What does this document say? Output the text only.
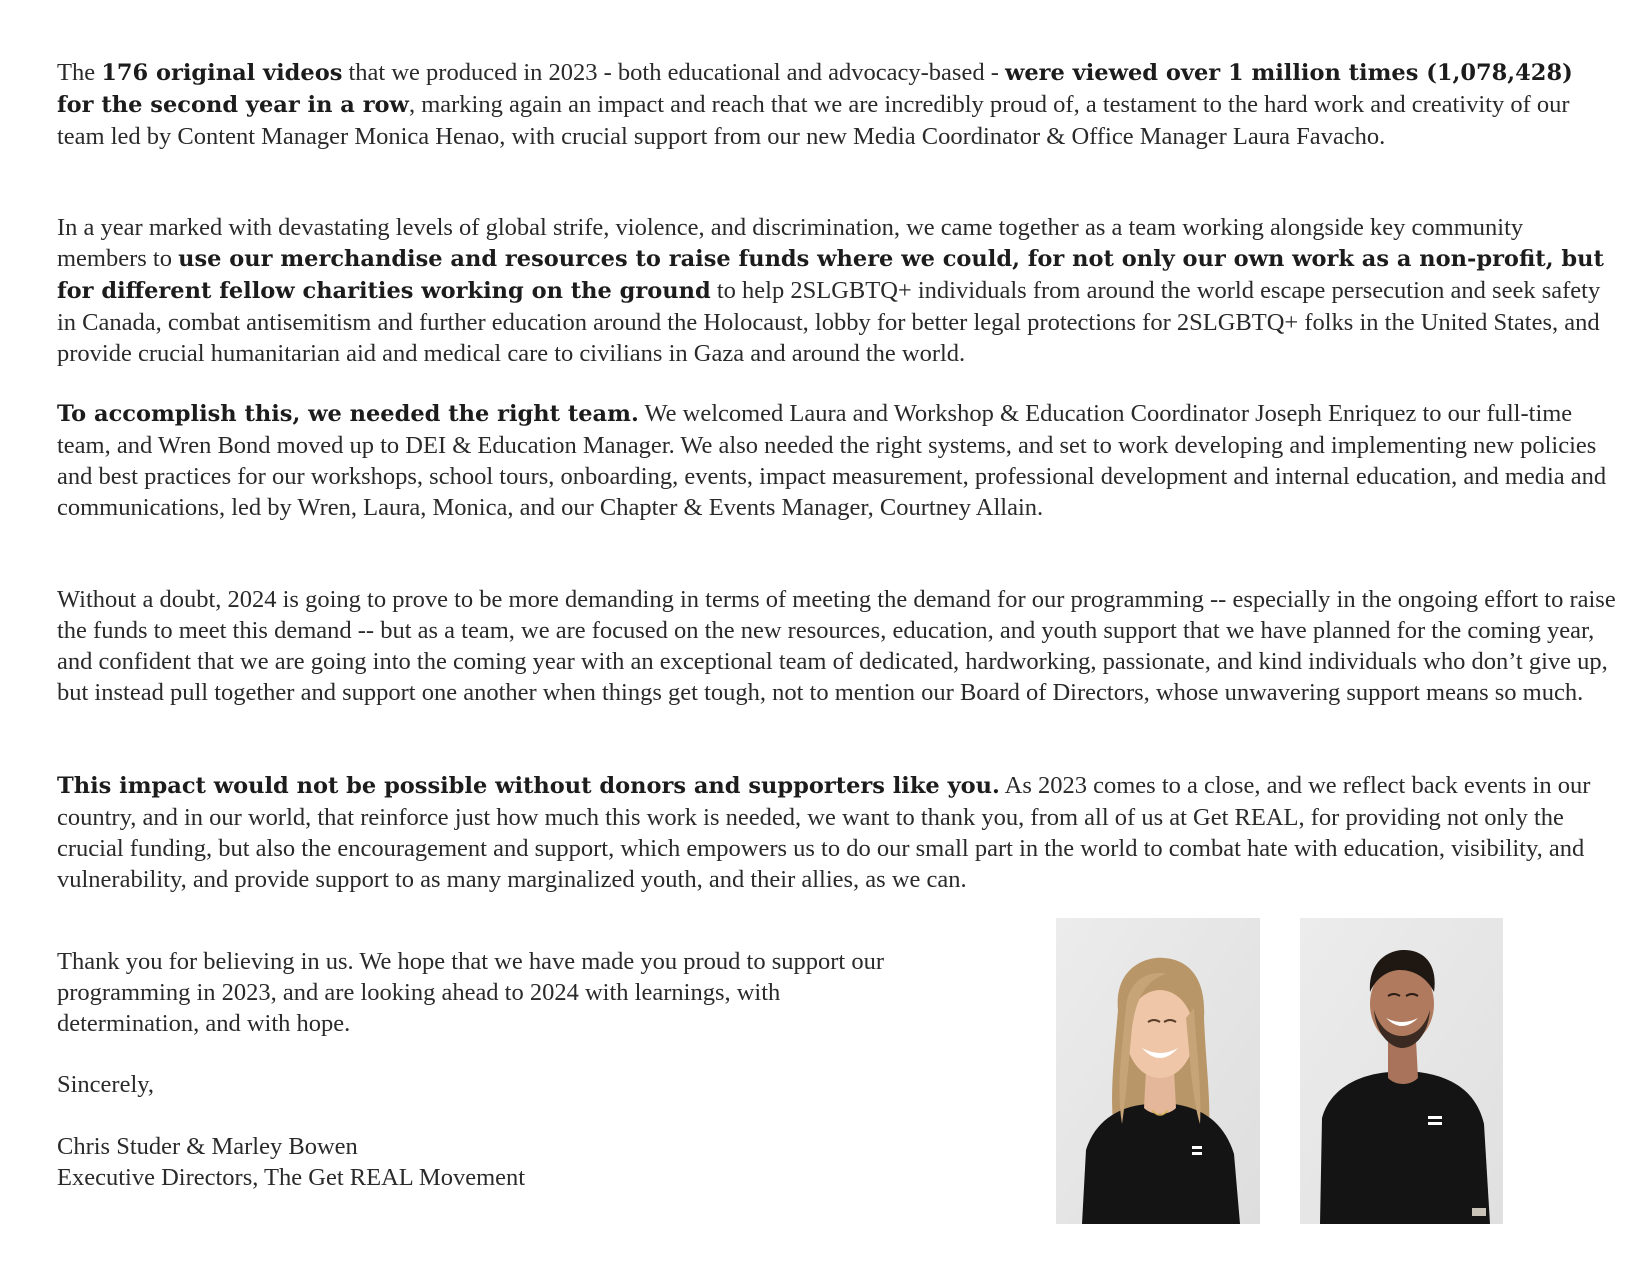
The 176 original videos that we produced in 2023 - both educational and advocacy-based - were viewed over 1 million times (1,078,428) for the second year in a row, marking again an impact and reach that we are incredibly proud of, a testament to the hard work and creativity of our team led by Content Manager Monica Henao, with crucial support from our new Media Coordinator & Office Manager Laura Favacho.

In a year marked with devastating levels of global strife, violence, and discrimination, we came together as a team working alongside key community members to use our merchandise and resources to raise funds where we could, for not only our own work as a non-profit, but for different fellow charities working on the ground to help 2SLGBTQ+ individuals from around the world escape persecution and seek safety in Canada, combat antisemitism and further education around the Holocaust, lobby for better legal protections for 2SLGBTQ+ folks in the United States, and provide crucial humanitarian aid and medical care to civilians in Gaza and around the world.

To accomplish this, we needed the right team. We welcomed Laura and Workshop & Education Coordinator Joseph Enriquez to our full-time team, and Wren Bond moved up to DEI & Education Manager. We also needed the right systems, and set to work developing and implementing new policies and best practices for our workshops, school tours, onboarding, events, impact measurement, professional development and internal education, and media and communications, led by Wren, Laura, Monica, and our Chapter & Events Manager, Courtney Allain.

Without a doubt, 2024 is going to prove to be more demanding in terms of meeting the demand for our programming -- especially in the ongoing effort to raise the funds to meet this demand -- but as a team, we are focused on the new resources, education, and youth support that we have planned for the coming year, and confident that we are going into the coming year with an exceptional team of dedicated, hardworking, passionate, and kind individuals who don’t give up, but instead pull together and support one another when things get tough, not to mention our Board of Directors, whose unwavering support means so much.

This impact would not be possible without donors and supporters like you. As 2023 comes to a close, and we reflect back events in our country, and in our world, that reinforce just how much this work is needed, we want to thank you, from all of us at Get REAL, for providing not only the crucial funding, but also the encouragement and support, which empowers us to do our small part in the world to combat hate with education, visibility, and vulnerability, and provide support to as many marginalized youth, and their allies, as we can.

Thank you for believing in us. We hope that we have made you proud to support our
programming in 2023, and are looking ahead to 2024 with learnings, with
determination, and with hope.

Sincerely,

Chris Studer & Marley Bowen
Executive Directors, The Get REAL Movement
